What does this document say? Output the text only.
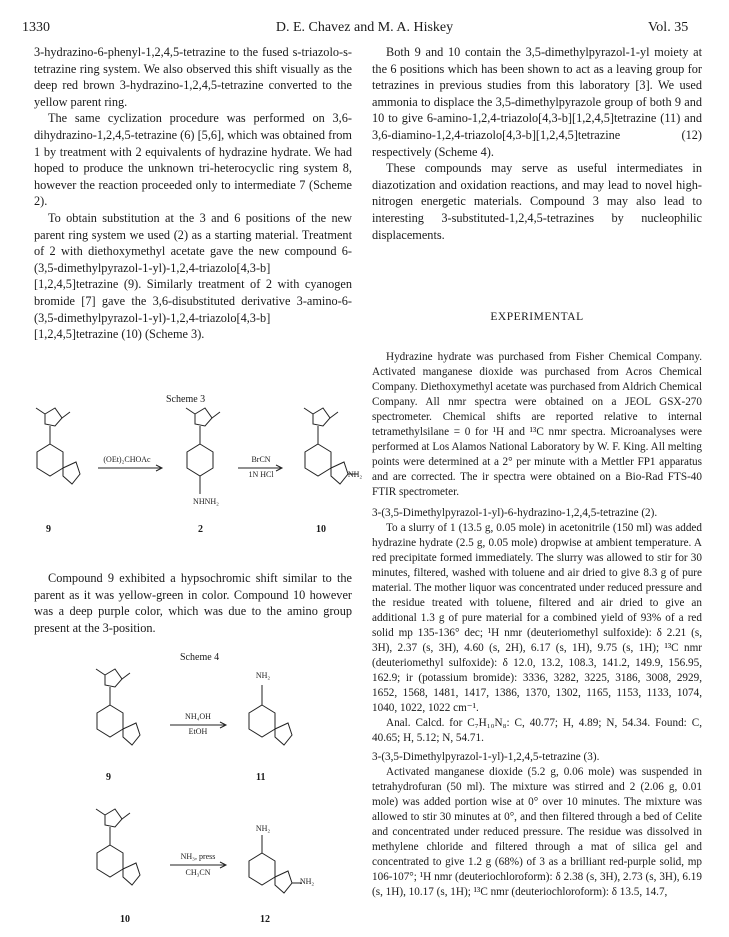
1330	D. E. Chavez and M. A. Hiskey	Vol. 35

3-hydrazino-6-phenyl-1,2,4,5-tetrazine to the fused s-triazolo-s-tetrazine ring system. We also observed this shift visually as the deep red brown 3-hydrazino-1,2,4,5-tetrazine converted to the yellow parent ring.

The same cyclization procedure was performed on 3,6-dihydrazino-1,2,4,5-tetrazine (6) [5,6], which was obtained from 1 by treatment with 2 equivalents of hydrazine hydrate. We had hoped to produce the unknown tri-heterocyclic ring system 8, however the reaction proceeded only to intermediate 7 (Scheme 2).

To obtain substitution at the 3 and 6 positions of the new parent ring system we used (2) as a starting material. Treatment of 2 with diethoxymethyl acetate gave the new compound 6-(3,5-dimethylpyrazol-1-yl)-1,2,4-triazolo[4,3-b][1,2,4,5]tetrazine (9). Similarly treatment of 2 with cyanogen bromide [7] gave the 3,6-disubstituted derivative 3-amino-6-(3,5-dimethylpyrazol-1-yl)-1,2,4-triazolo[4,3-b][1,2,4,5]tetrazine (10) (Scheme 3).

Scheme 3
(OEt)₂CHOAc	BrCN
1N HCl
NHNH₂
NH₂
9	2	10

Compound 9 exhibited a hypsochromic shift similar to the parent as it was yellow-green in color. Compound 10 however was a deep purple color, which was due to the amino group present at the 3-position.

Scheme 4
NH₄OH
EtOH
NH₂
9	11
NH₃, press
CH₃CN
NH₂
NH₂
10	12

Both 9 and 10 contain the 3,5-dimethylpyrazol-1-yl moiety at the 6 positions which has been shown to act as a leaving group for tetrazines in previous studies from this laboratory [3]. We used ammonia to displace the 3,5-dimethylpyrazole group of both 9 and 10 to give 6-amino-1,2,4-triazolo[4,3-b][1,2,4,5]tetrazine (11) and 3,6-diamino-1,2,4-triazolo[4,3-b][1,2,4,5]tetrazine (12) respectively (Scheme 4).

These compounds may serve as useful intermediates in diazotization and oxidation reactions, and may lead to novel high-nitrogen energetic materials. Compound 3 may also lead to interesting 3-substituted-1,2,4,5-tetrazines by nucleophilic displacements.

EXPERIMENTAL

Hydrazine hydrate was purchased from Fisher Chemical Company. Activated manganese dioxide was purchased from Acros Chemical Company. Diethoxymethyl acetate was purchased from Aldrich Chemical Company. All nmr spectra were obtained on a JEOL GSX-270 spectrometer. Chemical shifts are reported relative to internal tetramethylsilane = 0 for ¹H and ¹³C nmr spectra. Microanalyses were performed at Los Alamos National Laboratory by W. F. King. All melting points were determined at a 2° per minute with a Mettler FP1 apparatus and are corrected. The ir spectra were obtained on a Bio-Rad FTS-40 FTIR spectrometer.

3-(3,5-Dimethylpyrazol-1-yl)-6-hydrazino-1,2,4,5-tetrazine (2).

To a slurry of 1 (13.5 g, 0.05 mole) in acetonitrile (150 ml) was added hydrazine hydrate (2.5 g, 0.05 mole) dropwise at ambient temperature. A red precipitate formed immediately. The slurry was allowed to stir for 30 minutes, filtered, washed with toluene and air dried to give 8.3 g of pure material. The mother liquor was concentrated under reduced pressure and the residue treated with toluene, filtered and air dried to give an additional 1.3 g of pure material for a combined yield of 93% of a red solid mp 135-136° dec; ¹H nmr (deuteriomethyl sulfoxide): δ 2.21 (s, 3H), 2.37 (s, 3H), 4.60 (s, 2H), 6.17 (s, 1H), 9.75 (s, 1H); ¹³C nmr (deuteriomethyl sulfoxide): δ 12.0, 13.2, 108.3, 141.2, 149.9, 156.95, 162.9; ir (potassium bromide): 3336, 3282, 3225, 3186, 3008, 2929, 1652, 1568, 1481, 1417, 1386, 1370, 1302, 1165, 1153, 1133, 1074, 1040, 1022, 1022 cm⁻¹.

Anal. Calcd. for C₇H₁₀N₈: C, 40.77; H, 4.89; N, 54.34. Found: C, 40.65; H, 5.12; N, 54.71.

3-(3,5-Dimethylpyrazol-1-yl)-1,2,4,5-tetrazine (3).

Activated manganese dioxide (5.2 g, 0.06 mole) was suspended in tetrahydrofuran (50 ml). The mixture was stirred and 2 (2.06 g, 0.01 mole) was added portion wise at 0° over 10 minutes. The mixture was allowed to stir 30 minutes at 0°, and then filtered through a bed of Celite and concentrated under reduced pressure. The residue was dissolved in methylene chloride and filtered through a mat of silica gel and concentrated to give 1.2 g (68%) of 3 as a brilliant red-purple solid, mp 106-107°; ¹H nmr (deuteriochloroform): δ 2.38 (s, 3H), 2.73 (s, 3H), 6.19 (s, 1H), 10.17 (s, 1H); ¹³C nmr (deuteriochloroform): δ 13.5, 14.7,
